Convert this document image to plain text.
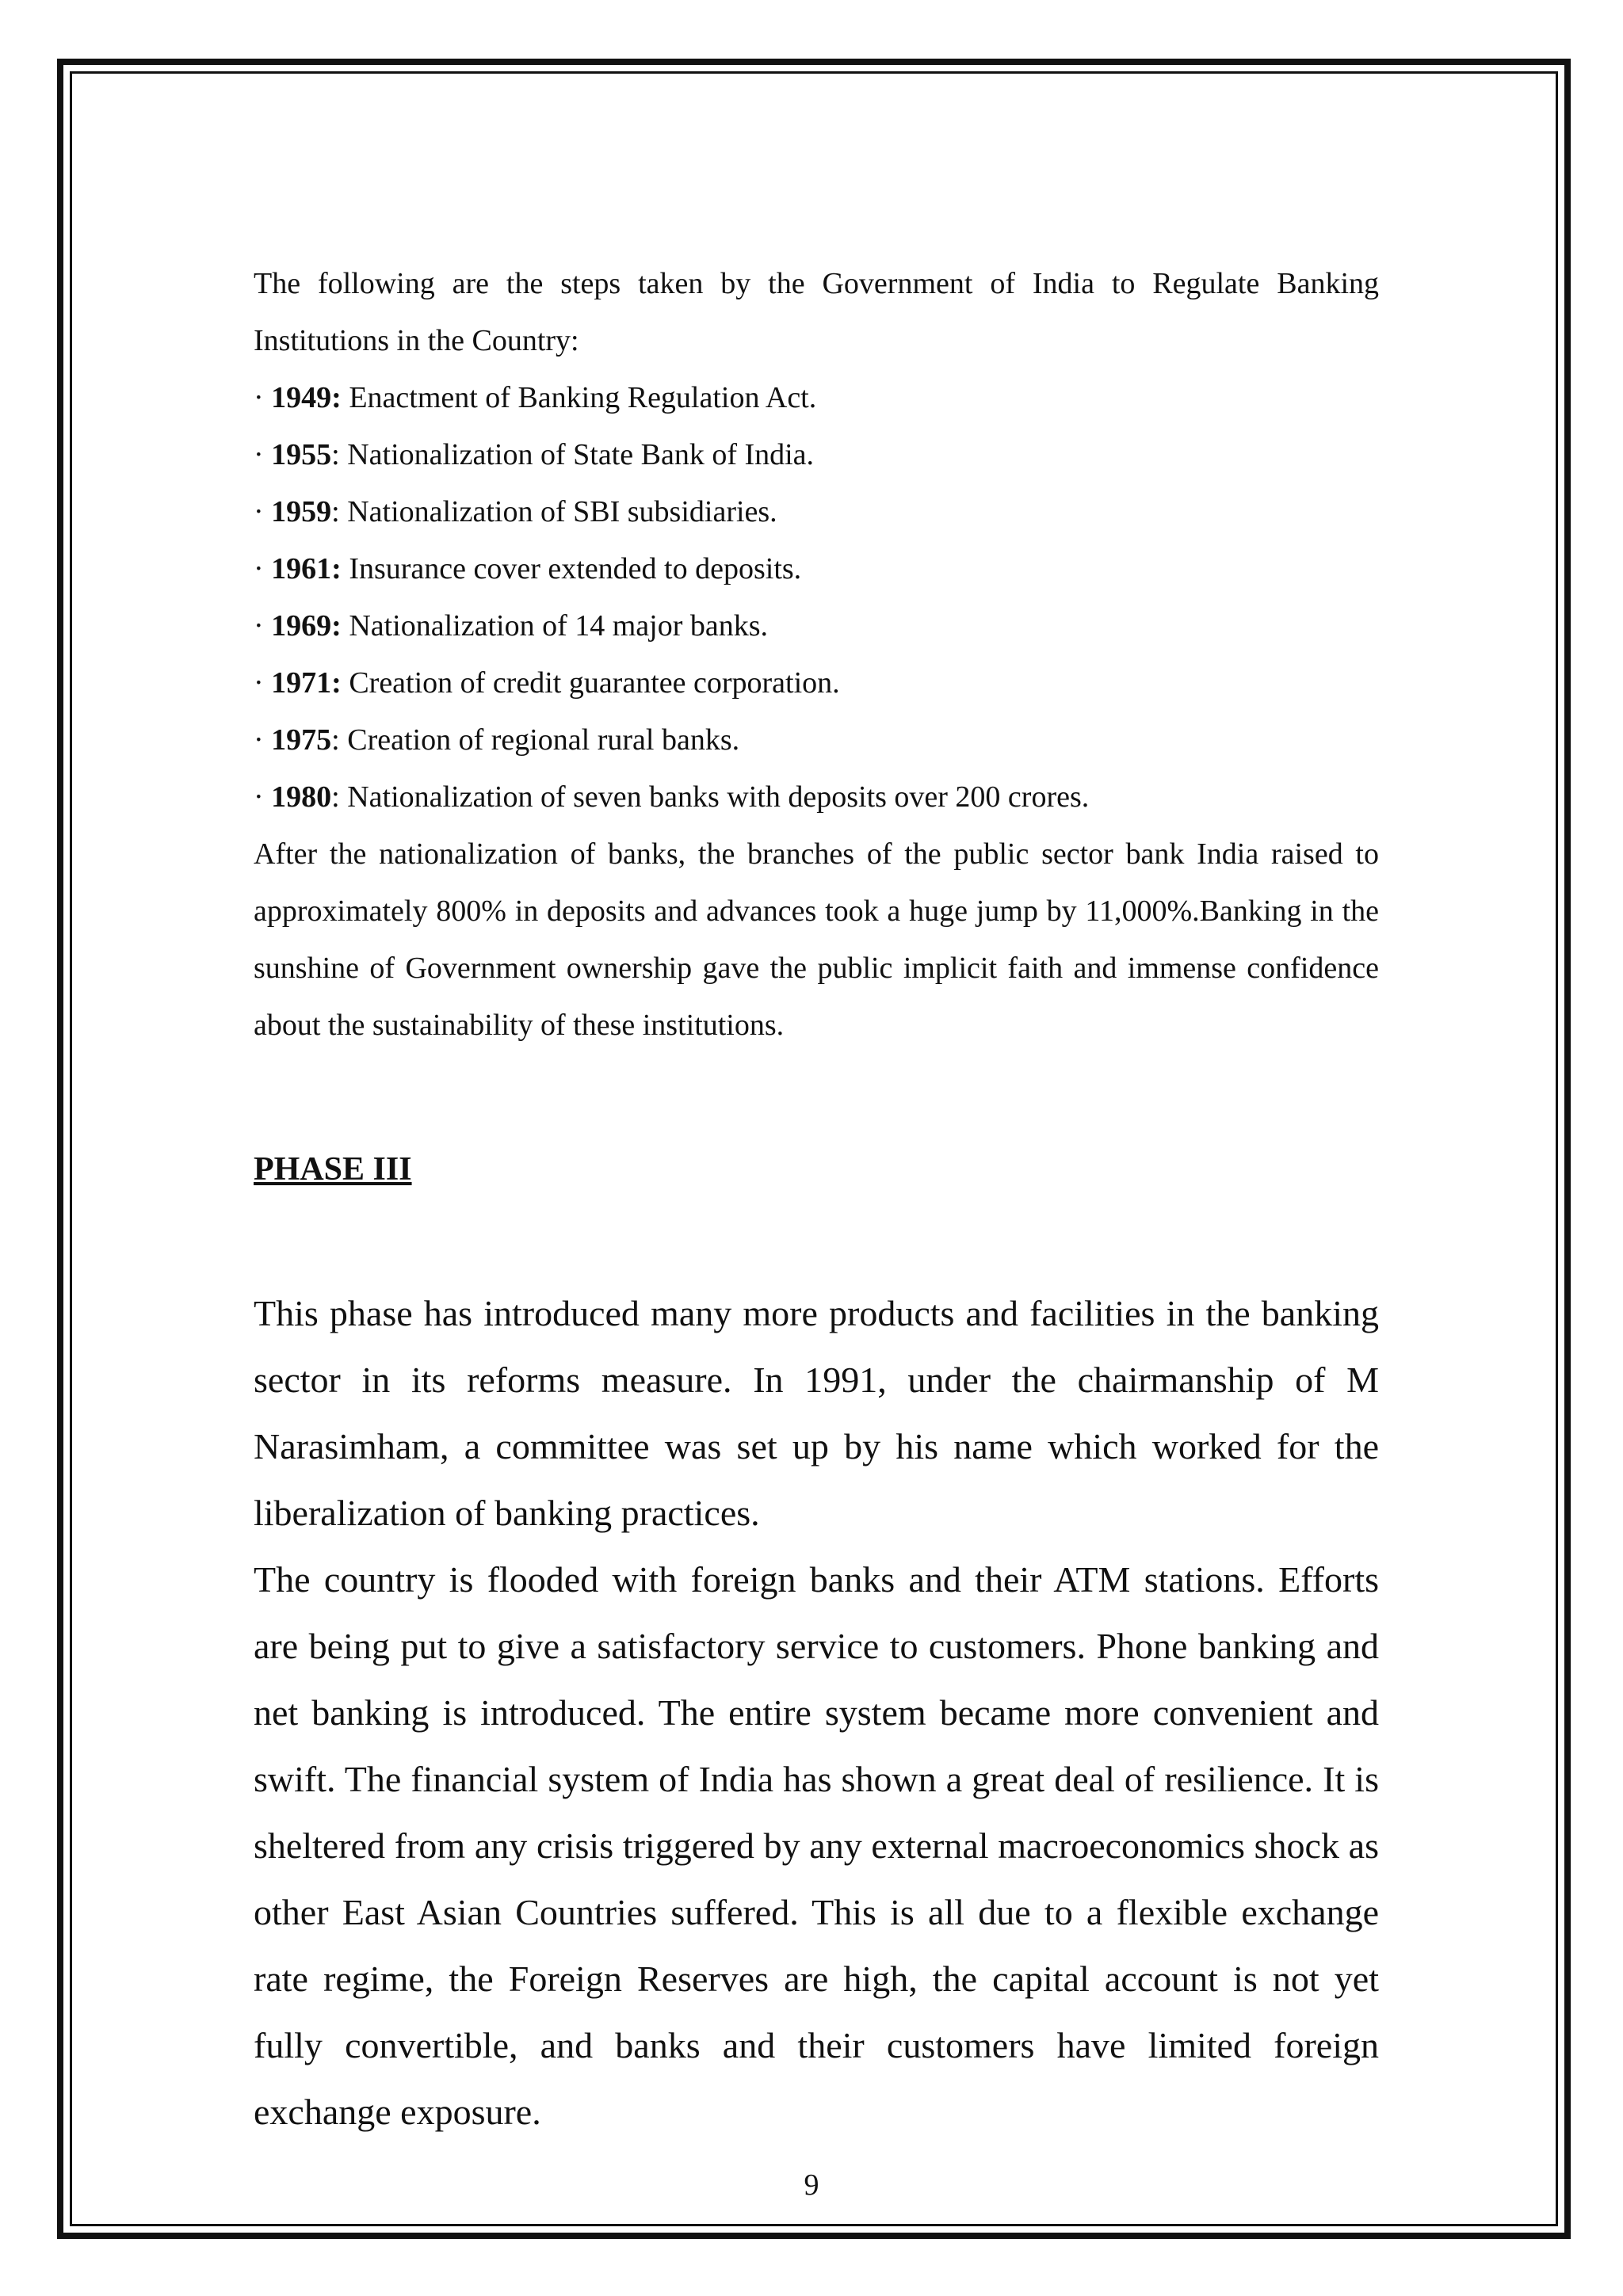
The following are the steps taken by the Government of India to Regulate Banking Institutions in the Country:

· 1949: Enactment of Banking Regulation Act.
· 1955: Nationalization of State Bank of India.
· 1959: Nationalization of SBI subsidiaries.
· 1961: Insurance cover extended to deposits.
· 1969: Nationalization of 14 major banks.
· 1971: Creation of credit guarantee corporation.
· 1975: Creation of regional rural banks.
· 1980: Nationalization of seven banks with deposits over 200 crores.

After the nationalization of banks, the branches of the public sector bank India raised to approximately 800% in deposits and advances took a huge jump by 11,000%.Banking in the sunshine of Government ownership gave the public implicit faith and immense confidence about the sustainability of these institutions.

PHASE III

This phase has introduced many more products and facilities in the banking sector in its reforms measure. In 1991, under the chairmanship of M Narasimham, a committee was set up by his name which worked for the liberalization of banking practices.

The country is flooded with foreign banks and their ATM stations. Efforts are being put to give a satisfactory service to customers. Phone banking and net banking is introduced. The entire system became more convenient and swift. The financial system of India has shown a great deal of resilience. It is sheltered from any crisis triggered by any external macroeconomics shock as other East Asian Countries suffered. This is all due to a flexible exchange rate regime, the Foreign Reserves are high, the capital account is not yet fully convertible, and banks and their customers have limited foreign exchange exposure.

9
